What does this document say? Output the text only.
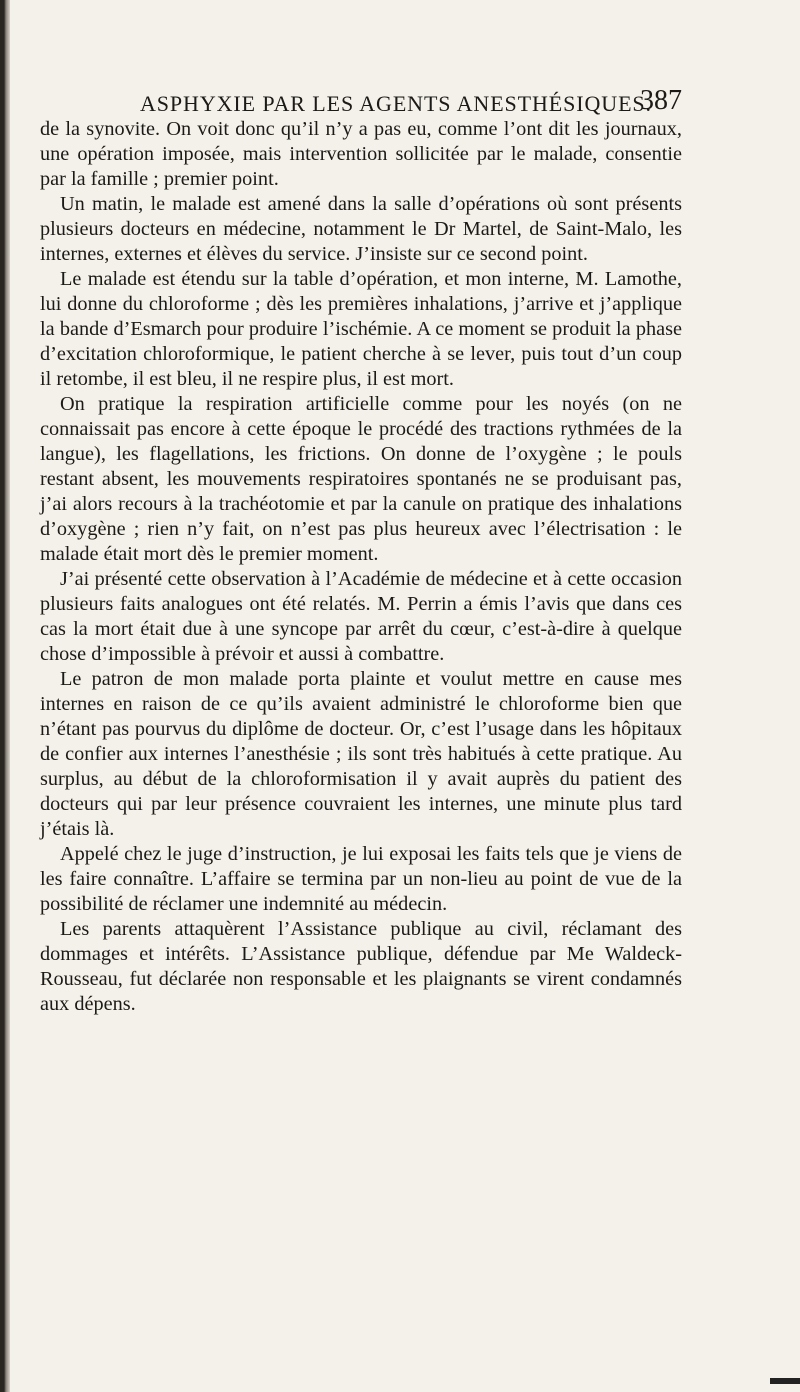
ASPHYXIE PAR LES AGENTS ANESTHÉSIQUES.
387

de la synovite. On voit donc qu’il n’y a pas eu, comme l’ont dit les journaux, une opération imposée, mais intervention sollicitée par le malade, consentie par la famille ; premier point.

Un matin, le malade est amené dans la salle d’opérations où sont présents plusieurs docteurs en médecine, notamment le Dr Martel, de Saint-Malo, les internes, externes et élèves du service. J’insiste sur ce second point.

Le malade est étendu sur la table d’opération, et mon interne, M. Lamothe, lui donne du chloroforme ; dès les premières inhalations, j’arrive et j’applique la bande d’Esmarch pour produire l’ischémie. A ce moment se produit la phase d’excitation chloroformique, le patient cherche à se lever, puis tout d’un coup il retombe, il est bleu, il ne respire plus, il est mort.

On pratique la respiration artificielle comme pour les noyés (on ne connaissait pas encore à cette époque le procédé des tractions rythmées de la langue), les flagellations, les frictions. On donne de l’oxygène ; le pouls restant absent, les mouvements respiratoires spontanés ne se produisant pas, j’ai alors recours à la trachéotomie et par la canule on pratique des inhalations d’oxygène ; rien n’y fait, on n’est pas plus heureux avec l’électrisation : le malade était mort dès le premier moment.

J’ai présenté cette observation à l’Académie de médecine et à cette occasion plusieurs faits analogues ont été relatés. M. Perrin a émis l’avis que dans ces cas la mort était due à une syncope par arrêt du cœur, c’est-à-dire à quelque chose d’impossible à prévoir et aussi à combattre.

Le patron de mon malade porta plainte et voulut mettre en cause mes internes en raison de ce qu’ils avaient administré le chloroforme bien que n’étant pas pourvus du diplôme de docteur. Or, c’est l’usage dans les hôpitaux de confier aux internes l’anesthésie ; ils sont très habitués à cette pratique. Au surplus, au début de la chloroformisation il y avait auprès du patient des docteurs qui par leur présence couvraient les internes, une minute plus tard j’étais là.

Appelé chez le juge d’instruction, je lui exposai les faits tels que je viens de les faire connaître. L’affaire se termina par un non-lieu au point de vue de la possibilité de réclamer une indemnité au médecin.

Les parents attaquèrent l’Assistance publique au civil, réclamant des dommages et intérêts. L’Assistance publique, défendue par Me Waldeck-Rousseau, fut déclarée non responsable et les plaignants se virent condamnés aux dépens.
